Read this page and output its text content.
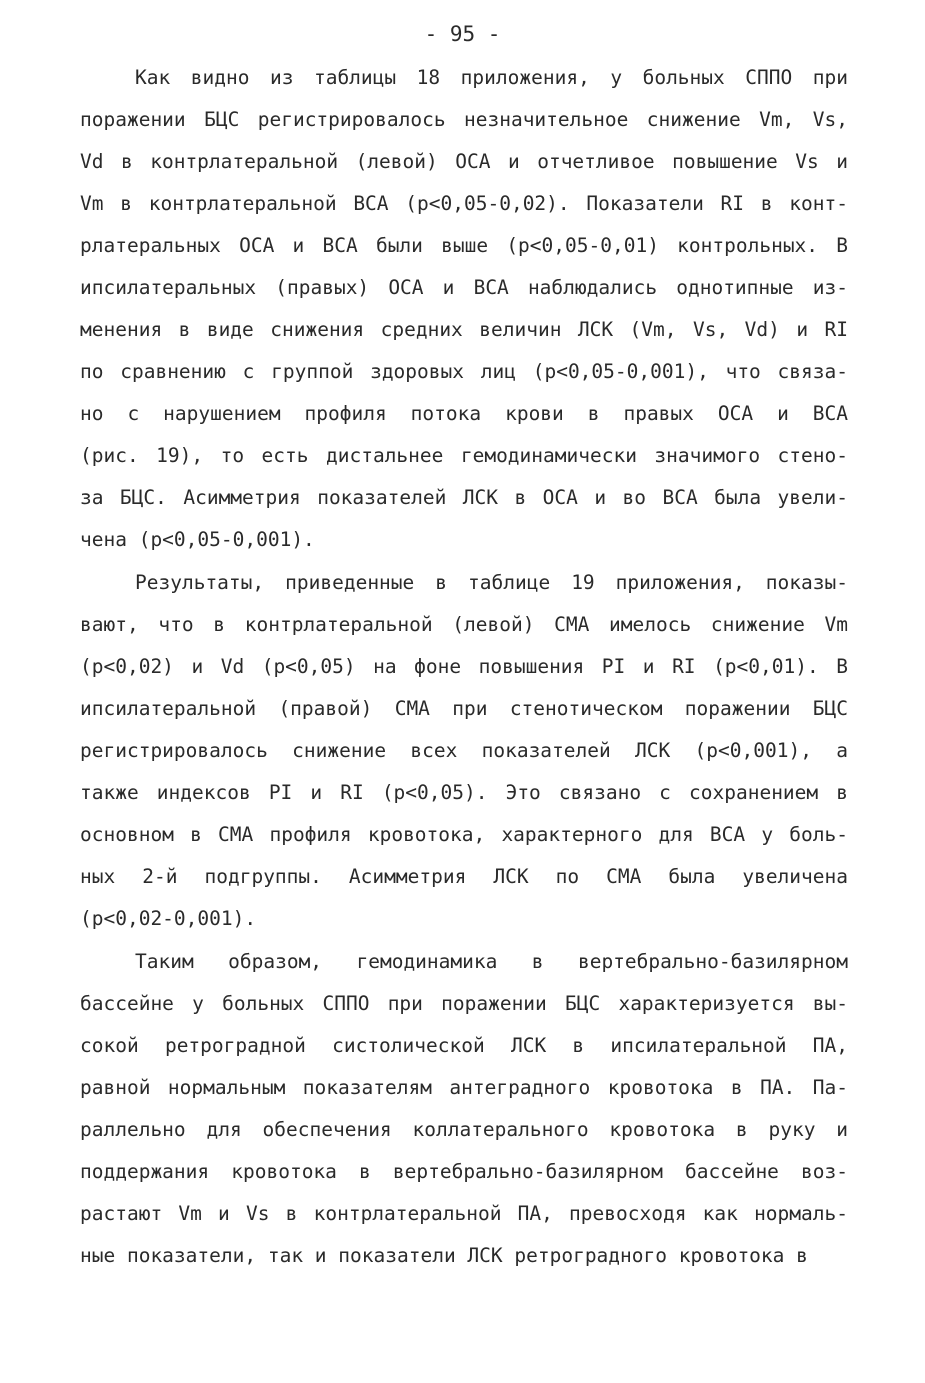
- 95 -
Как видно из таблицы 18 приложения, у больных СППО при
поражении БЦС регистрировалось незначительное снижение Vm, Vs,
Vd в контрлатеральной (левой) ОСА и отчетливое повышение Vs и
Vm в контрлатеральной ВСА (p<0,05-0,02). Показатели RI в конт-
рлатеральных ОСА и ВСА были выше (p<0,05-0,01) контрольных. В
ипсилатеральных (правых) ОСА и ВСА наблюдались однотипные из-
менения в виде снижения средних величин ЛСК (Vm, Vs, Vd) и RI
по сравнению с группой здоровых лиц (p<0,05-0,001), что связа-
но с нарушением профиля потока крови в правых ОСА и ВСА
(рис. 19), то есть дистальнее гемодинамически значимого стено-
за БЦС. Асимметрия показателей ЛСК в ОСА и во ВСА была увели-
чена (p<0,05-0,001).
Результаты, приведенные в таблице 19 приложения, показы-
вают, что в контрлатеральной (левой) СМА имелось снижение Vm
(p<0,02) и Vd (p<0,05) на фоне повышения PI и RI (p<0,01). В
ипсилатеральной (правой) СМА при стенотическом поражении БЦС
регистрировалось снижение всех показателей ЛСК (p<0,001), а
также индексов PI и RI (p<0,05). Это связано с сохранением в
основном в СМА профиля кровотока, характерного для ВСА у боль-
ных 2-й подгруппы. Асимметрия ЛСК по СМА была увеличена
(p<0,02-0,001).
Таким образом, гемодинамика в вертебрально-базилярном
бассейне у больных СППО при поражении БЦС характеризуется вы-
сокой ретроградной систолической ЛСК в ипсилатеральной ПА,
равной нормальным показателям антеградного кровотока в ПА. Па-
раллельно для обеспечения коллатерального кровотока в руку и
поддержания кровотока в вертебрально-базилярном бассейне воз-
растают Vm и Vs в контрлатеральной ПА, превосходя как нормаль-
ные показатели, так и показатели ЛСК ретроградного кровотока в
